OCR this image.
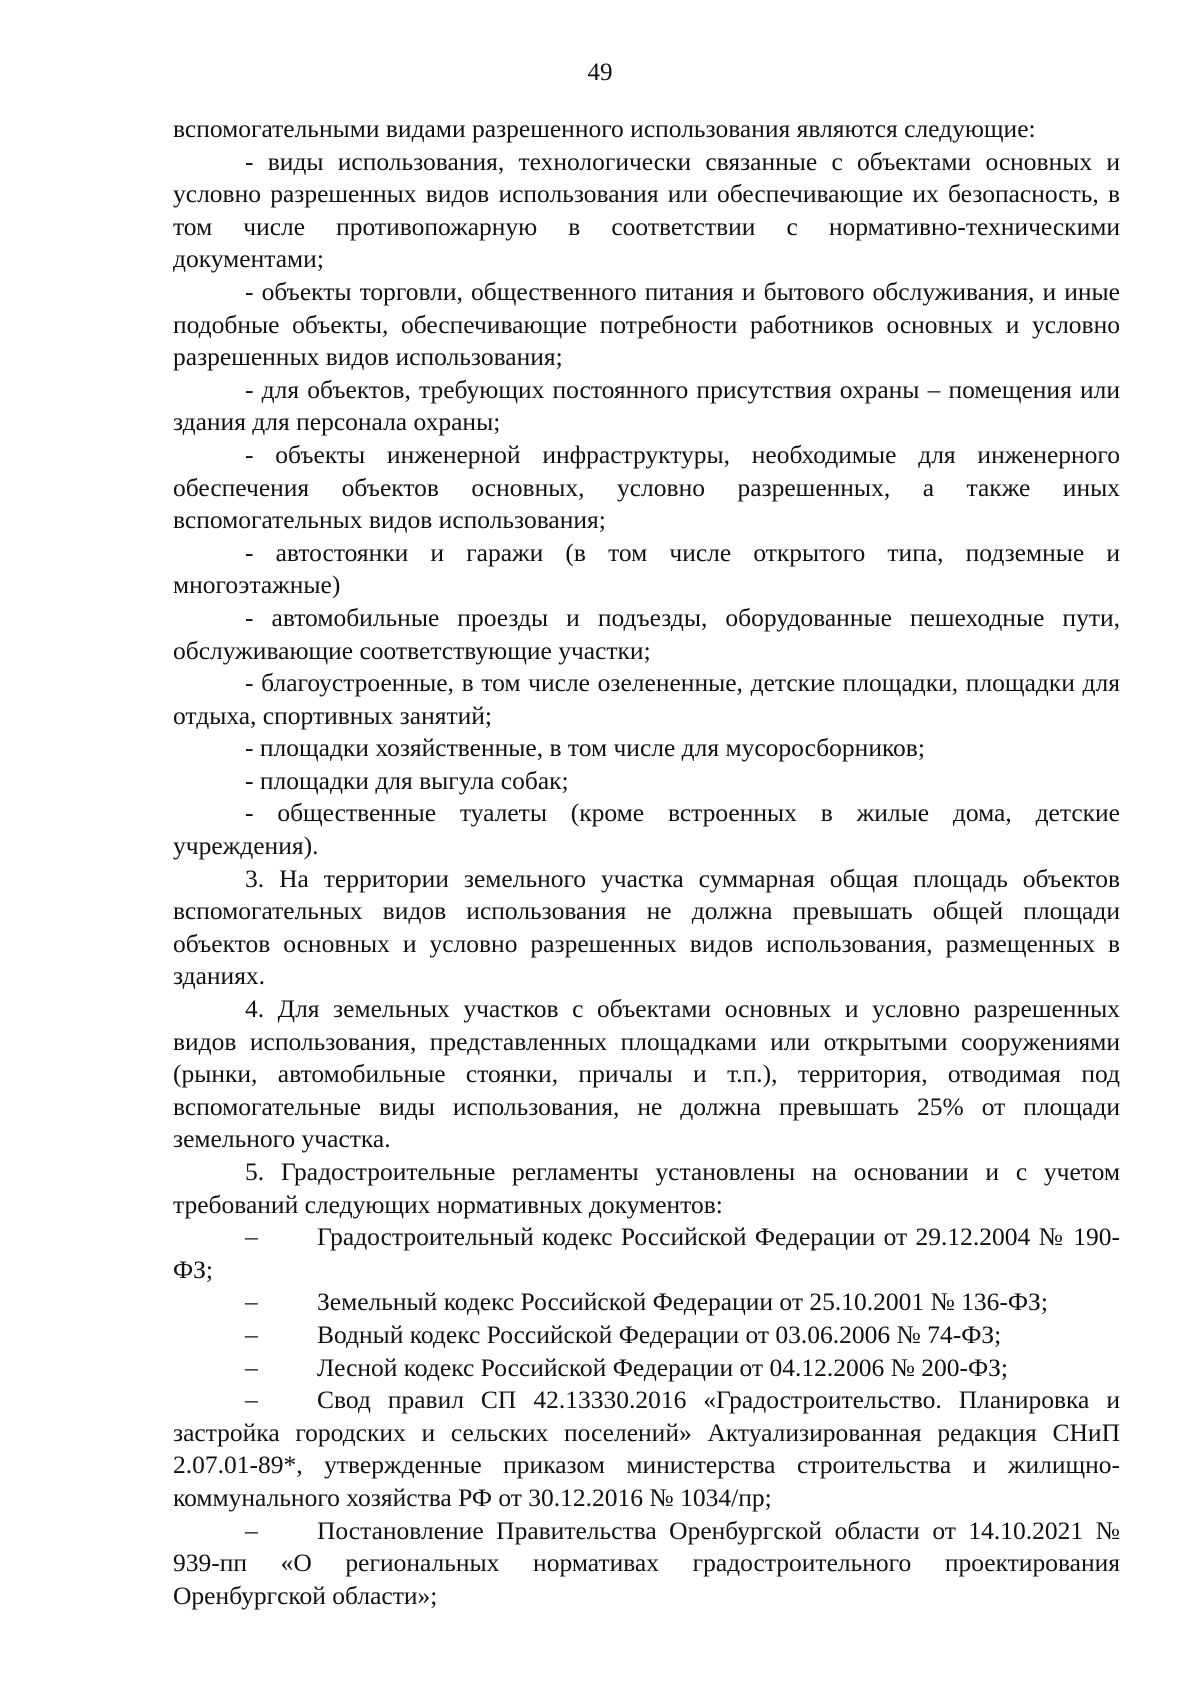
49

вспомогательными видами разрешенного использования являются следующие:

- виды использования, технологически связанные с объектами основных и условно разрешенных видов использования или обеспечивающие их безопасность, в том числе противопожарную в соответствии с нормативно-техническими документами;

- объекты торговли, общественного питания и бытового обслуживания, и иные подобные объекты, обеспечивающие потребности работников основных и условно разрешенных видов использования;

- для объектов, требующих постоянного присутствия охраны – помещения или здания для персонала охраны;

- объекты инженерной инфраструктуры, необходимые для инженерного обеспечения объектов основных, условно разрешенных, а также иных вспомогательных видов использования;

- автостоянки и гаражи (в том числе открытого типа, подземные и многоэтажные)

- автомобильные проезды и подъезды, оборудованные пешеходные пути, обслуживающие соответствующие участки;

- благоустроенные, в том числе озелененные, детские площадки, площадки для отдыха, спортивных занятий;

- площадки хозяйственные, в том числе для мусоросборников;

- площадки для выгула собак;

- общественные туалеты (кроме встроенных в жилые дома, детские учреждения).

3. На территории земельного участка суммарная общая площадь объектов вспомогательных видов использования не должна превышать общей площади объектов основных и условно разрешенных видов использования, размещенных в зданиях.

4. Для земельных участков с объектами основных и условно разрешенных видов использования, представленных площадками или открытыми сооружениями (рынки, автомобильные стоянки, причалы и т.п.), территория, отводимая под вспомогательные виды использования, не должна превышать 25% от площади земельного участка.

5. Градостроительные регламенты установлены на основании и с учетом требований следующих нормативных документов:

– Градостроительный кодекс Российской Федерации от 29.12.2004 № 190-ФЗ;

– Земельный кодекс Российской Федерации от 25.10.2001 № 136-ФЗ;

– Водный кодекс Российской Федерации от 03.06.2006 № 74-ФЗ;

– Лесной кодекс Российской Федерации от 04.12.2006 № 200-ФЗ;

– Свод правил СП 42.13330.2016 «Градостроительство. Планировка и застройка городских и сельских поселений» Актуализированная редакция СНиП 2.07.01-89*, утвержденные приказом министерства строительства и жилищно-коммунального хозяйства РФ от 30.12.2016 № 1034/пр;

– Постановление Правительства Оренбургской области от 14.10.2021 № 939-пп «О региональных нормативах градостроительного проектирования Оренбургской области»;
